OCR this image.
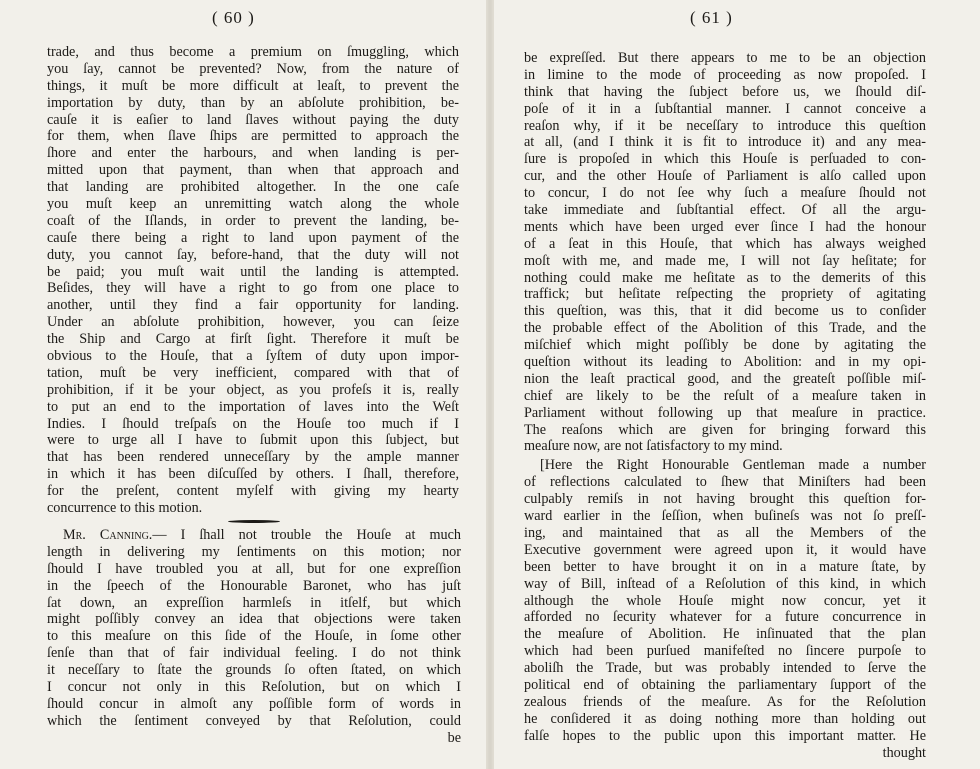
( 60 )
trade, and thus become a premium on ſmuggling, which
you ſay, cannot be prevented? Now, from the nature of
things, it muſt be more difficult at leaſt, to prevent the
importation by duty, than by an abſolute prohibition, be-
cauſe it is eaſier to land ſlaves without paying the duty
for them, when ſlave ſhips are permitted to approach the
ſhore and enter the harbours, and when landing is per-
mitted upon that payment, than when that approach and
that landing are prohibited altogether. In the one caſe
you muſt keep an unremitting watch along the whole
coaſt of the Iſlands, in order to prevent the landing, be-
cauſe there being a right to land upon payment of the
duty, you cannot ſay, before-hand, that the duty will not
be paid; you muſt wait until the landing is attempted.
Beſides, they will have a right to go from one place to
another, until they find a fair opportunity for landing.
Under an abſolute prohibition, however, you can ſeize
the Ship and Cargo at firſt ſight. Therefore it muſt be
obvious to the Houſe, that a ſyſtem of duty upon impor-
tation, muſt be very inefficient, compared with that of
prohibition, if it be your object, as you profeſs it is, really
to put an end to the importation of laves into the Weſt
Indies. I ſhould treſpaſs on the Houſe too much if I
were to urge all I have to ſubmit upon this ſubject, but
that has been rendered unneceſſary by the ample manner
in which it has been diſcuſſed by others. I ſhall, therefore,
for the preſent, content myſelf with giving my hearty
concurrence to this motion.
Mr. Canning.— I ſhall not trouble the Houſe at much
length in delivering my ſentiments on this motion; nor
ſhould I have troubled you at all, but for one expreſſion
in the ſpeech of the Honourable Baronet, who has juſt
ſat down, an expreſſion harmleſs in itſelf, but which
might poſſibly convey an idea that objections were taken
to this meaſure on this ſide of the Houſe, in ſome other
ſenſe than that of fair individual feeling. I do not think
it neceſſary to ſtate the grounds ſo often ſtated, on which
I concur not only in this Reſolution, but on which I
ſhould concur in almoſt any poſſible form of words in
which the ſentiment conveyed by that Reſolution, could
be
( 61 )
be expreſſed. But there appears to me to be an objection
in limine to the mode of proceeding as now propoſed. I
think that having the ſubject before us, we ſhould diſ-
poſe of it in a ſubſtantial manner. I cannot conceive a
reaſon why, if it be neceſſary to introduce this queſtion
at all, (and I think it is fit to introduce it) and any mea-
ſure is propoſed in which this Houſe is perſuaded to con-
cur, and the other Houſe of Parliament is alſo called upon
to concur, I do not ſee why ſuch a meaſure ſhould not
take immediate and ſubſtantial effect. Of all the argu-
ments which have been urged ever ſince I had the honour
of a ſeat in this Houſe, that which has always weighed
moſt with me, and made me, I will not ſay heſitate; for
nothing could make me heſitate as to the demerits of this
traffick; but heſitate reſpecting the propriety of agitating
this queſtion, was this, that it did become us to conſider
the probable effect of the Abolition of this Trade, and the
miſchief which might poſſibly be done by agitating the
queſtion without its leading to Abolition: and in my opi-
nion the leaſt practical good, and the greateſt poſſible miſ-
chief are likely to be the reſult of a meaſure taken in
Parliament without following up that meaſure in practice.
The reaſons which are given for bringing forward this
meaſure now, are not ſatisfactory to my mind.
[Here the Right Honourable Gentleman made a number
of reflections calculated to ſhew that Miniſters had been
culpably remiſs in not having brought this queſtion for-
ward earlier in the ſeſſion, when buſineſs was not ſo preſſ-
ing, and maintained that as all the Members of the
Executive government were agreed upon it, it would have
been better to have brought it on in a mature ſtate, by
way of Bill, inſtead of a Reſolution of this kind, in which
although the whole Houſe might now concur, yet it
afforded no ſecurity whatever for a future concurrence in
the meaſure of Abolition. He inſinuated that the plan
which had been purſued manifeſted no ſincere purpoſe to
aboliſh the Trade, but was probably intended to ſerve the
political end of obtaining the parliamentary ſupport of the
zealous friends of the meaſure. As for the Reſolution
he conſidered it as doing nothing more than holding out
falſe hopes to the public upon this important matter. He
thought
